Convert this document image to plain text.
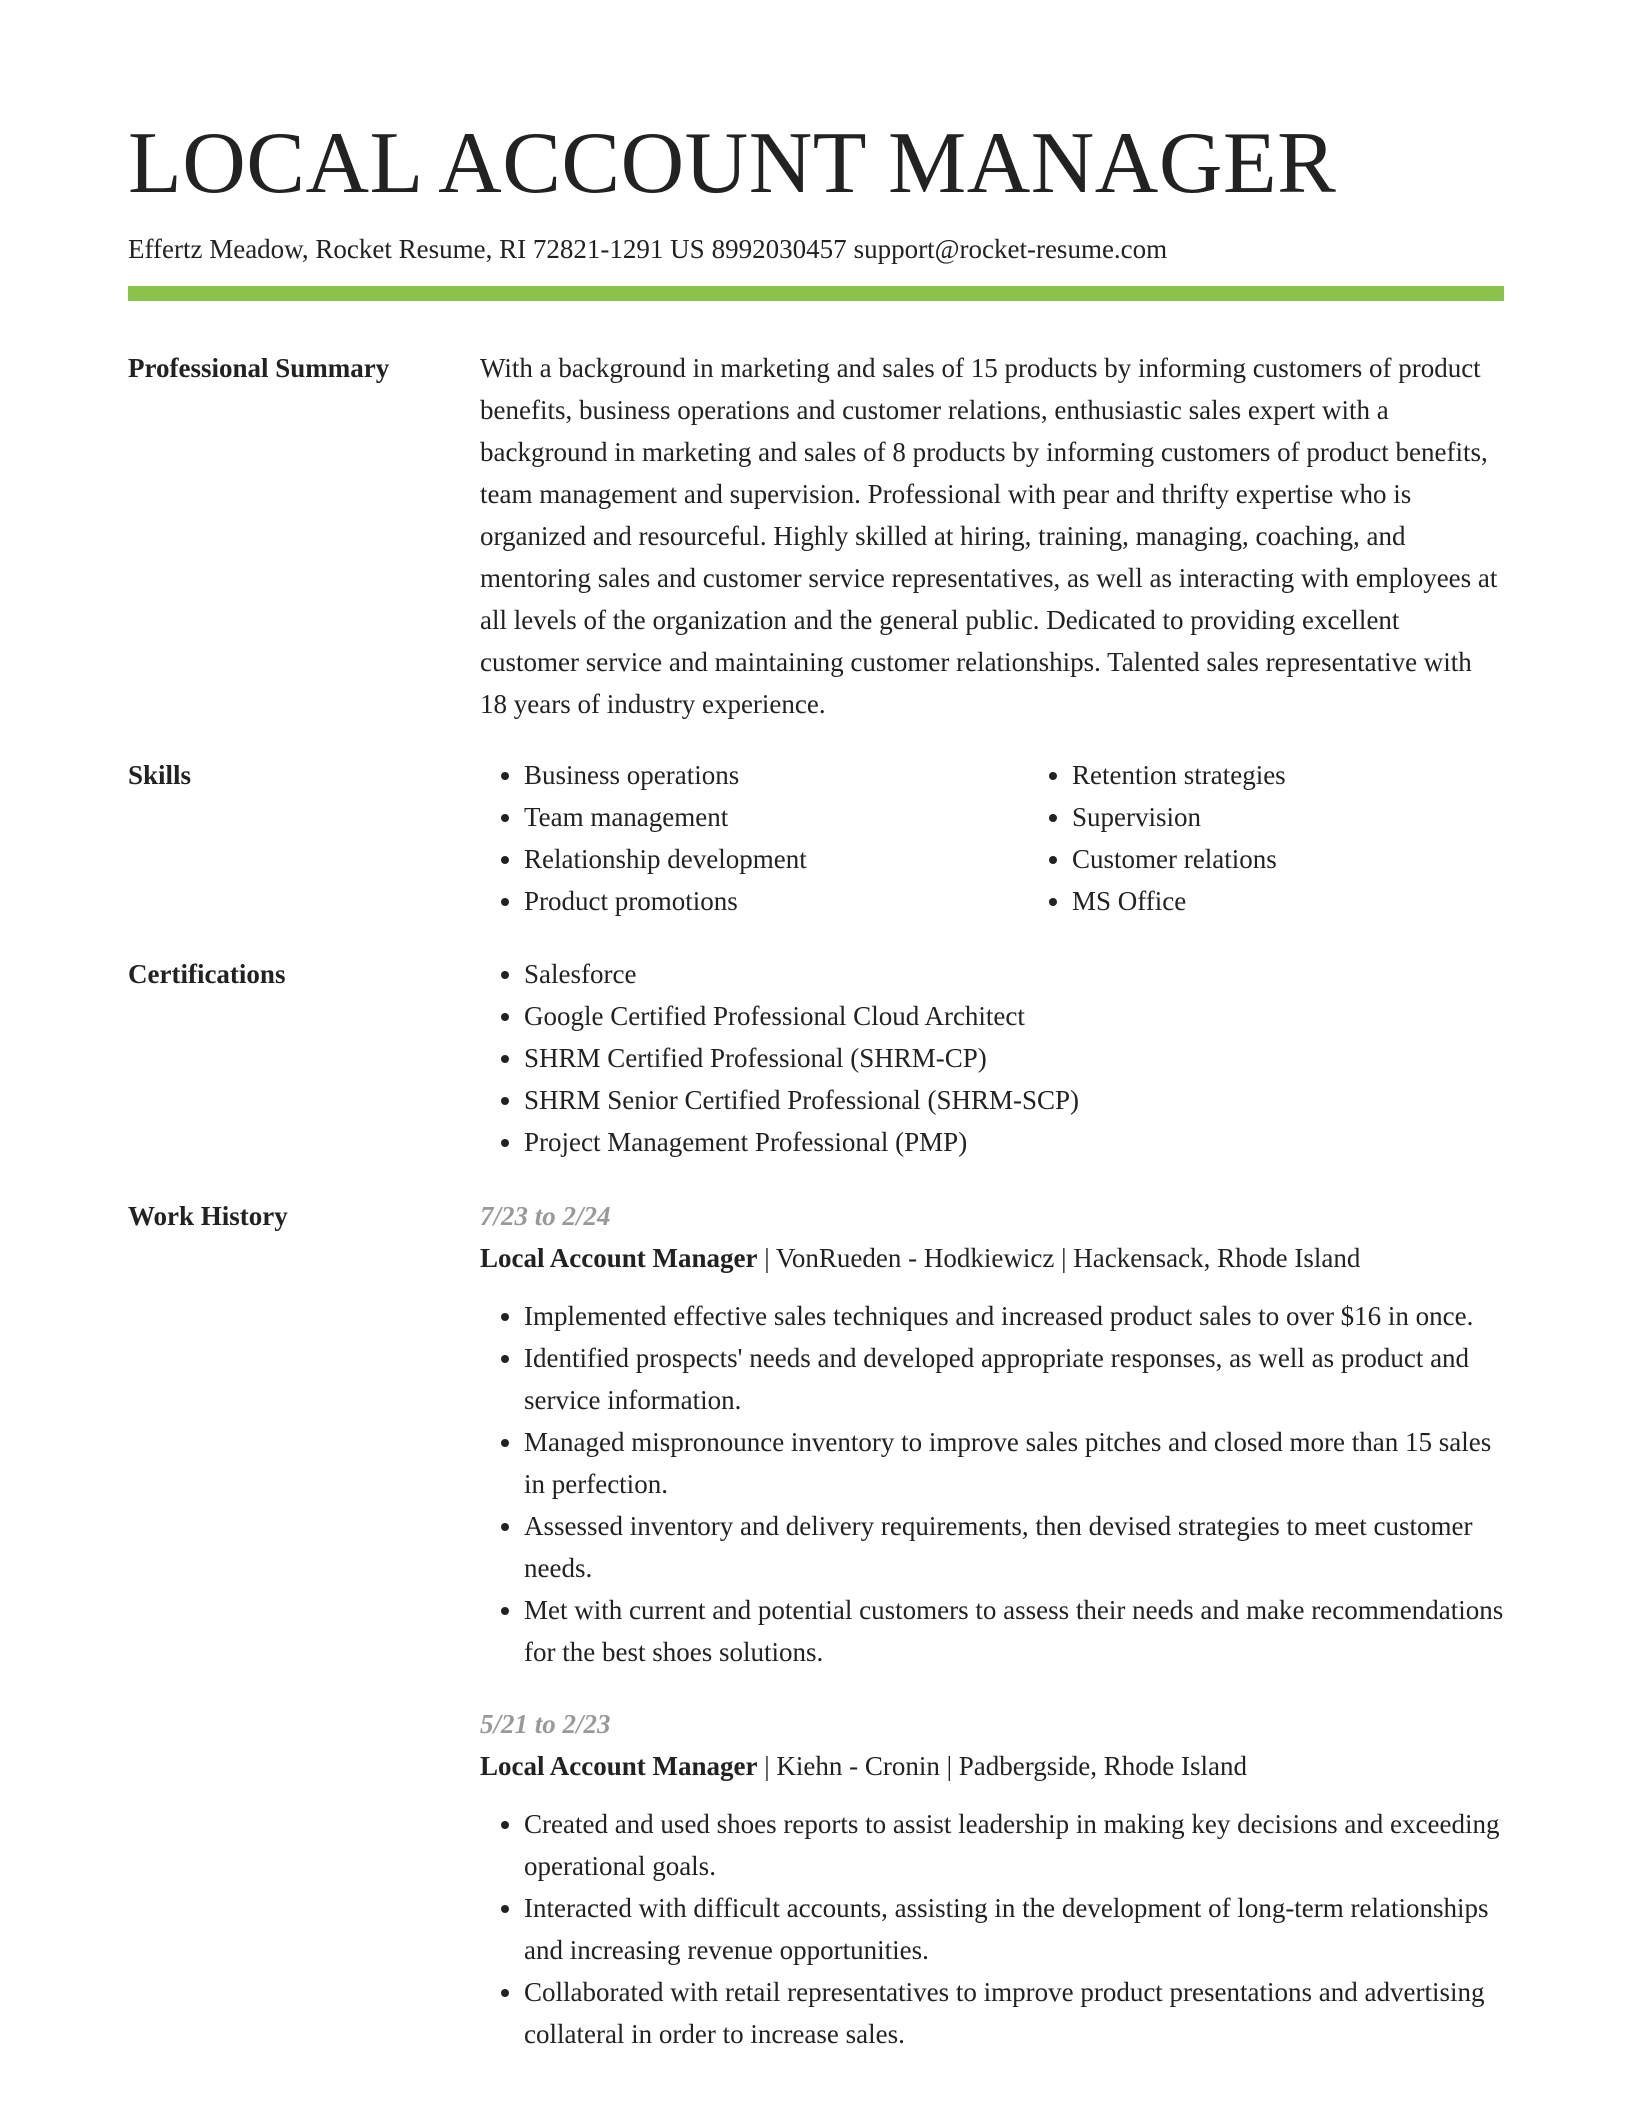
LOCAL ACCOUNT MANAGER
Effertz Meadow, Rocket Resume, RI 72821-1291 US 8992030457 support@rocket-resume.com
Professional Summary	With a background in marketing and sales of 15 products by informing customers of product benefits, business operations and customer relations, enthusiastic sales expert with a background in marketing and sales of 8 products by informing customers of product benefits, team management and supervision. Professional with pear and thrifty expertise who is organized and resourceful. Highly skilled at hiring, training, managing, coaching, and mentoring sales and customer service representatives, as well as interacting with employees at all levels of the organization and the general public. Dedicated to providing excellent customer service and maintaining customer relationships. Talented sales representative with 18 years of industry experience.

Skills	• Business operations
• Team management
• Relationship development
• Product promotions
• Retention strategies
• Supervision
• Customer relations
• MS Office
Certifications	• Salesforce
• Google Certified Professional Cloud Architect
• SHRM Certified Professional (SHRM-CP)
• SHRM Senior Certified Professional (SHRM-SCP)
• Project Management Professional (PMP)
Work History	7/23 to 2/24
Local Account Manager | VonRueden - Hodkiewicz | Hackensack, Rhode Island
• Implemented effective sales techniques and increased product sales to over $16 in once.
• Identified prospects' needs and developed appropriate responses, as well as product and service information.
• Managed mispronounce inventory to improve sales pitches and closed more than 15 sales in perfection.
• Assessed inventory and delivery requirements, then devised strategies to meet customer needs.
• Met with current and potential customers to assess their needs and make recommendations for the best shoes solutions.
5/21 to 2/23
Local Account Manager | Kiehn - Cronin | Padbergside, Rhode Island
• Created and used shoes reports to assist leadership in making key decisions and exceeding operational goals.
• Interacted with difficult accounts, assisting in the development of long-term relationships and increasing revenue opportunities.
• Collaborated with retail representatives to improve product presentations and advertising collateral in order to increase sales.
